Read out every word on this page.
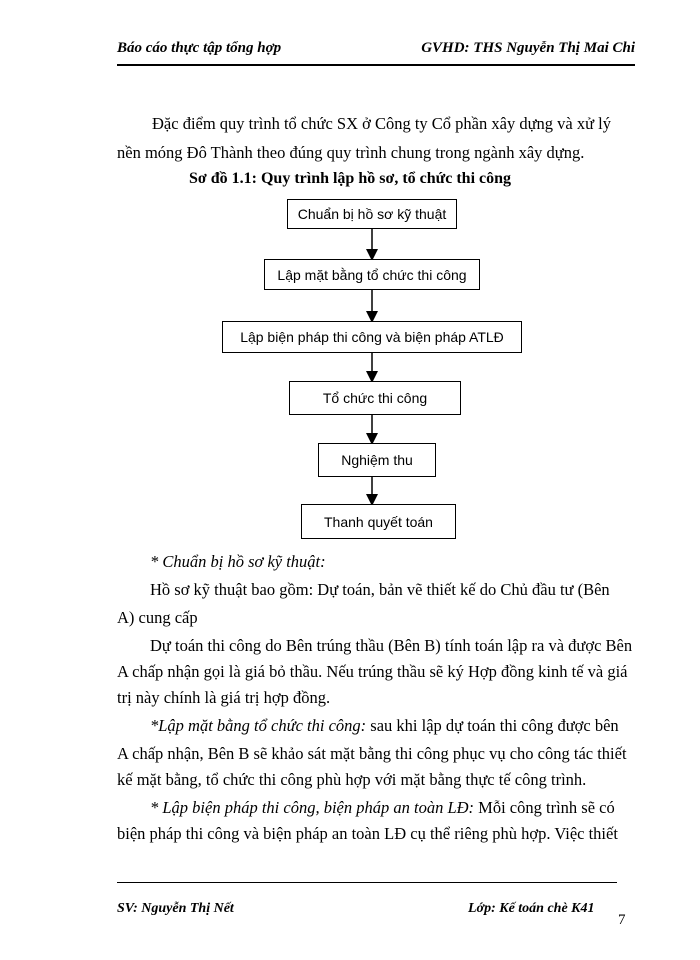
Báo cáo thực tập tổng hợp	GVHD: THS Nguyễn Thị Mai Chi
Đặc điểm quy trình tổ chức SX ở Công ty Cổ phần xây dựng và xử lý
nền móng Đô Thành theo đúng quy trình chung trong ngành xây dựng.
Sơ đồ 1.1: Quy trình lập hồ sơ, tổ chức thi công
Chuẩn bị hồ sơ kỹ thuật
Lập mặt bằng tổ chức thi công
Lập biện pháp thi công và biện pháp ATLĐ
Tổ chức thi công
Nghiệm thu
Thanh quyết toán
* Chuẩn bị hồ sơ kỹ thuật:
Hồ sơ kỹ thuật bao gồm: Dự toán, bản vẽ thiết kế do Chủ đầu tư (Bên
A) cung cấp
Dự toán thi công do Bên trúng thầu (Bên B) tính toán lập ra và được Bên
A chấp nhận gọi là giá bỏ thầu. Nếu trúng thầu sẽ ký Hợp đồng kinh tế và giá
trị này chính là giá trị hợp đồng.
*Lập mặt bằng tổ chức thi công: sau khi lập dự toán thi công được bên
A chấp nhận, Bên B sẽ khảo sát mặt bằng thi công phục vụ cho công tác thiết
kế mặt bằng, tổ chức thi công phù hợp với mặt bằng thực tế công trình.
* Lập biện pháp thi công, biện pháp an toàn LĐ: Mỗi công trình sẽ có
biện pháp thi công và biện pháp an toàn LĐ cụ thể riêng phù hợp. Việc thiết
SV: Nguyễn Thị Nết	Lớp: Kế toán chè K41
7
